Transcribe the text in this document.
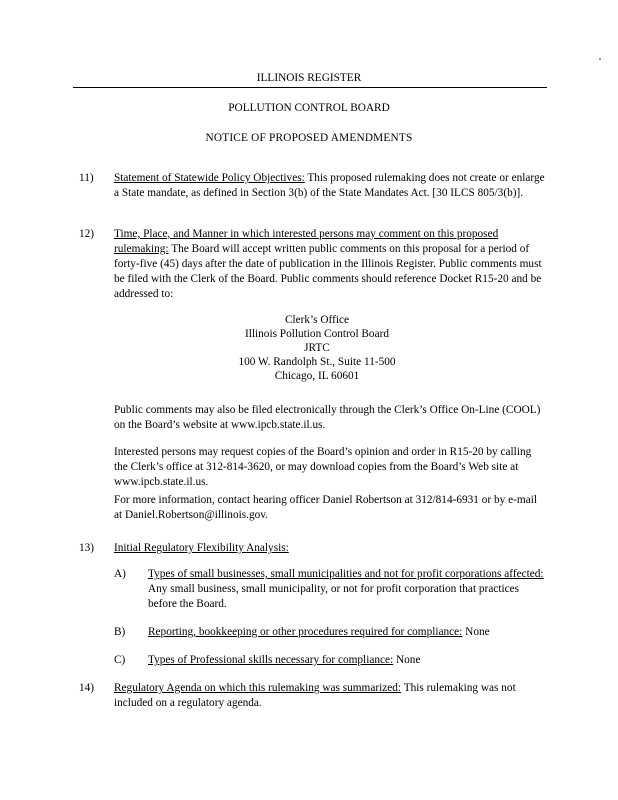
ILLINOIS REGISTER
POLLUTION CONTROL BOARD
NOTICE OF PROPOSED AMENDMENTS
11) Statement of Statewide Policy Objectives: This proposed rulemaking does not create or enlarge a State mandate, as defined in Section 3(b) of the State Mandates Act. [30 ILCS 805/3(b)].
12) Time, Place, and Manner in which interested persons may comment on this proposed rulemaking: The Board will accept written public comments on this proposal for a period of forty-five (45) days after the date of publication in the Illinois Register. Public comments must be filed with the Clerk of the Board. Public comments should reference Docket R15-20 and be addressed to:
Clerk’s Office
Illinois Pollution Control Board
JRTC
100 W. Randolph St., Suite 11-500
Chicago, IL 60601
Public comments may also be filed electronically through the Clerk’s Office On-Line (COOL) on the Board’s website at www.ipcb.state.il.us.
Interested persons may request copies of the Board’s opinion and order in R15-20 by calling the Clerk’s office at 312-814-3620, or may download copies from the Board’s Web site at www.ipcb.state.il.us.
For more information, contact hearing officer Daniel Robertson at 312/814-6931 or by e-mail at Daniel.Robertson@illinois.gov.
13) Initial Regulatory Flexibility Analysis:
A) Types of small businesses, small municipalities and not for profit corporations affected: Any small business, small municipality, or not for profit corporation that practices before the Board.
B) Reporting, bookkeeping or other procedures required for compliance: None
C) Types of Professional skills necessary for compliance: None
14) Regulatory Agenda on which this rulemaking was summarized: This rulemaking was not included on a regulatory agenda.
